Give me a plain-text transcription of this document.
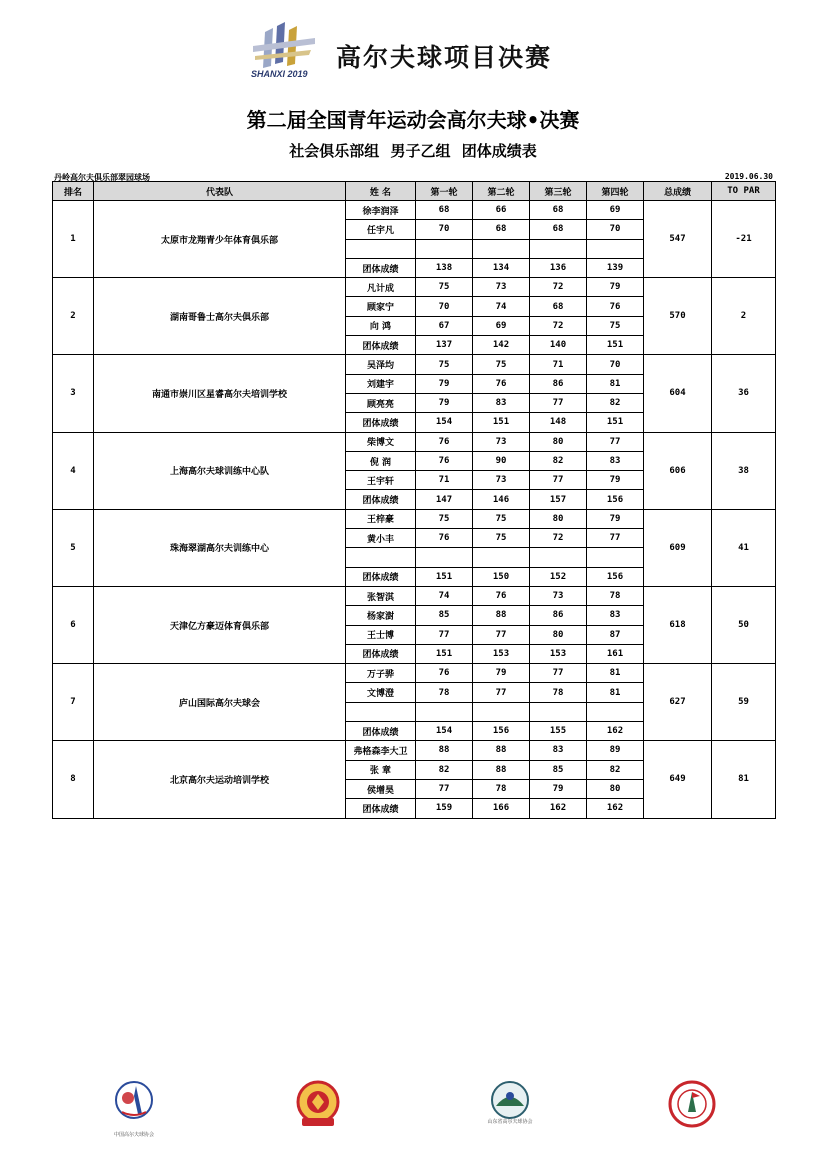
SHANXI 2019
高尔夫球项目决赛
第二届全国青年运动会高尔夫球•决赛
社会俱乐部组 男子乙组 团体成绩表
丹岭高尔夫俱乐部翠园球场	2019.06.30
排名	代表队	姓 名	第一轮	第二轮	第三轮	第四轮	总成绩	TO PAR
1	太原市龙翔青少年体育俱乐部	徐李润泽	68	66	68	69	547	-21
		任宇凡	70	68	68	70		

		团体成绩	138	134	136	139		
2	湖南哥鲁士高尔夫俱乐部	凡计成	75	73	72	79	570	2
		顾家宁	70	74	68	76		
		向 鸿	67	69	72	75		
		团体成绩	137	142	140	151		
3	南通市崇川区星睿高尔夫培训学校	吴泽均	75	75	71	70	604	36
		刘建宇	79	76	86	81		
		顾亮亮	79	83	77	82		
		团体成绩	154	151	148	151		
4	上海高尔夫球训练中心队	柴博文	76	73	80	77	606	38
		倪 润	76	90	82	83		
		王宇轩	71	73	77	79		
		团体成绩	147	146	157	156		
5	珠海翠湖高尔夫训练中心	王梓豪	75	75	80	79	609	41
		黄小丰	76	75	72	77		

		团体成绩	151	150	152	156		
6	天津亿方豪迈体育俱乐部	张智淇	74	76	73	78	618	50
		杨家澍	85	88	86	83		
		王士博	77	77	80	87		
		团体成绩	151	153	153	161		
7	庐山国际高尔夫球会	万子骅	76	79	77	81	627	59
		文博澄	78	77	78	81		

		团体成绩	154	156	155	162		
8	北京高尔夫运动培训学校	弗格森李大卫	88	88	83	89	649	81
		张 章	82	88	85	82		
		侯增昊	77	78	79	80		
		团体成绩	159	166	162	162		
中国高尔夫球协会
山东省高尔夫球协会
